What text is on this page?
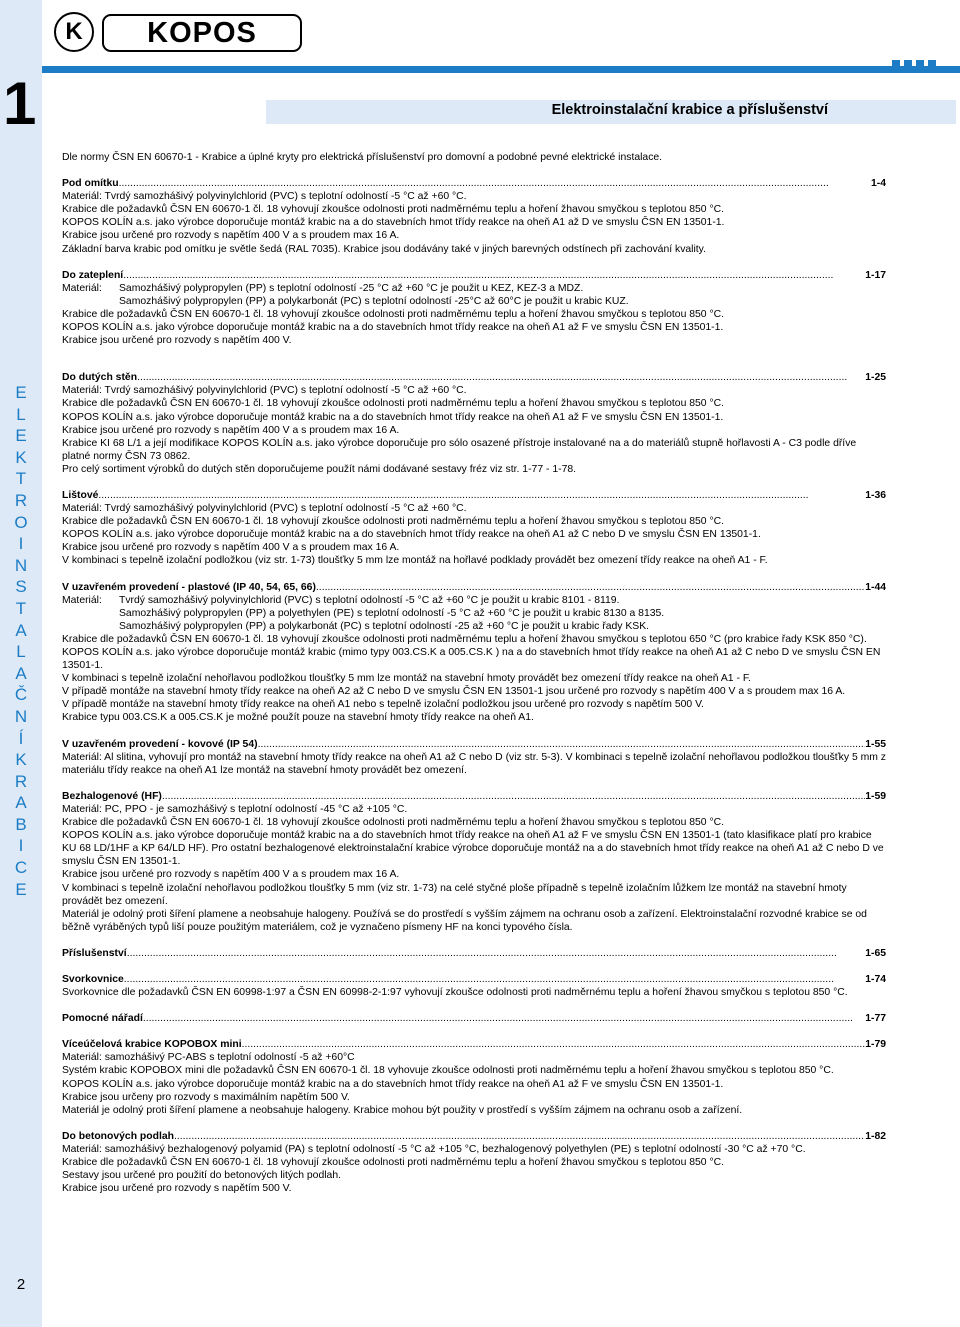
1
E
L
E
K
T
R
O
I
N
S
T
A
L
A
Č
N
Í
K
R
A
B
I
C
E
2
K	KOPOS
Elektroinstalační krabice a příslušenství

Dle normy ČSN EN 60670-1 - Krabice a úplné kryty pro elektrická příslušenství pro domovní a podobné pevné elektrické instalace.

Pod omítku .....	1-4

Materiál: Tvrdý samozhášivý polyvinylchlorid (PVC) s teplotní odolností -5 °C až +60 °C.

Krabice dle požadavků ČSN EN 60670-1 čl. 18 vyhovují zkoušce odolnosti proti nadměrnému teplu a hoření žhavou smyčkou s teplotou 850 °C.

KOPOS KOLÍN a.s. jako výrobce doporučuje montáž krabic na a do stavebních hmot třídy reakce na oheň A1 až D ve smyslu ČSN EN 13501-1.

Krabice jsou určené pro rozvody s napětím 400 V a s proudem max 16 A.

Základní barva krabic pod omítku je světle šedá (RAL 7035). Krabice jsou dodávány také v jiných barevných odstínech při zachování kvality.

Do zateplení .....	1-17
Materiál:	Samozhášivý polypropylen (PP) s teplotní odolností -25 °C až +60 °C je použit u KEZ, KEZ-3 a MDZ.

Samozhášivý polypropylen (PP) a polykarbonát (PC) s teplotní odolností -25°C až 60°C je použit u krabic KUZ.

Krabice dle požadavků ČSN EN 60670-1 čl. 18 vyhovují zkoušce odolnosti proti nadměrnému teplu a hoření žhavou smyčkou s teplotou 850 °C.

KOPOS KOLÍN a.s. jako výrobce doporučuje montáž krabic na a do stavebních hmot třídy reakce na oheň A1 až F ve smyslu ČSN EN 13501-1.

Krabice jsou určené pro rozvody s napětím 400 V.

Do dutých stěn .....	1-25

Materiál: Tvrdý samozhášivý polyvinylchlorid (PVC) s teplotní odolností -5 °C až +60 °C.

Krabice dle požadavků ČSN EN 60670-1 čl. 18 vyhovují zkoušce odolnosti proti nadměrnému teplu a hoření žhavou smyčkou s teplotou 850 °C.

KOPOS KOLÍN a.s. jako výrobce doporučuje montáž krabic na a do stavebních hmot třídy reakce na oheň A1 až F ve smyslu ČSN EN 13501-1.

Krabice jsou určené pro rozvody s napětím 400 V a s proudem max 16 A.

Krabice KI 68 L/1 a její modifikace KOPOS KOLÍN a.s. jako výrobce doporučuje pro sólo osazené přístroje instalované na a do materiálů stupně hořlavosti A - C3 podle dříve platné normy ČSN 73 0862.

Pro celý sortiment výrobků do dutých stěn doporučujeme použít námi dodávané sestavy fréz viz str. 1-77 - 1-78.

Lištové .....	1-36

Materiál: Tvrdý samozhášivý polyvinylchlorid (PVC) s teplotní odolností -5 °C až +60 °C.

Krabice dle požadavků ČSN EN 60670-1 čl. 18 vyhovují zkoušce odolnosti proti nadměrnému teplu a hoření žhavou smyčkou s teplotou 850 °C.

KOPOS KOLÍN a.s. jako výrobce doporučuje montáž krabic na a do stavebních hmot třídy reakce na oheň A1 až C nebo D ve smyslu ČSN EN 13501-1.

Krabice jsou určené pro rozvody s napětím 400 V a s proudem max 16 A.

V kombinaci s tepelně izolační podložkou (viz str. 1-73) tloušťky 5 mm lze montáž na hořlavé podklady provádět bez omezení třídy reakce na oheň A1 - F.

V uzavřeném provedení - plastové (IP 40, 54, 65, 66) .....	1-44
Materiál:	Tvrdý samozhášivý polyvinylchlorid (PVC) s teplotní odolností -5 °C až +60 °C je použit u krabic 8101 - 8119.

Samozhášivý polypropylen (PP) a polyethylen (PE) s teplotní odolností -5 °C až +60 °C je použit u krabic 8130 a 8135.

Samozhášivý polypropylen (PP) a polykarbonát (PC) s teplotní odolností -25 až +60 °C je použit u krabic řady KSK.

Krabice dle požadavků ČSN EN 60670-1 čl. 18 vyhovují zkoušce odolnosti proti nadměrnému teplu a hoření žhavou smyčkou s teplotou 650 °C (pro krabice řady KSK 850 °C).

KOPOS KOLÍN a.s. jako výrobce doporučuje montáž krabic (mimo typy 003.CS.K a 005.CS.K ) na a do stavebních hmot třídy reakce na oheň A1 až C nebo D ve smyslu ČSN EN 13501-1.

V kombinaci s tepelně izolační nehořlavou podložkou tloušťky 5 mm lze montáž na stavební hmoty provádět bez omezení třídy reakce na oheň A1 - F.

V případě montáže na stavební hmoty třídy reakce na oheň A2 až C nebo D ve smyslu ČSN EN 13501-1 jsou určené pro rozvody s napětím 400 V a s proudem max 16 A.

V případě montáže na stavební hmoty třídy reakce na oheň A1 nebo s tepelně izolační podložkou jsou určené pro rozvody s napětím 500 V.

Krabice typu 003.CS.K a 005.CS.K je možné použít pouze na stavební hmoty třídy reakce na oheň A1.

V uzavřeném provedení - kovové (IP 54) .....	1-55

Materiál: Al slitina, vyhovují pro montáž na stavební hmoty třídy reakce na oheň A1 až C nebo D (viz str. 5-3). V kombinaci s tepelně izolační nehořlavou podložkou tloušťky 5 mm z materiálu třídy reakce na oheň A1 lze montáž na stavební hmoty provádět bez omezení.

Bezhalogenové (HF) .....	1-59

Materiál: PC, PPO - je samozhášivý s teplotní odolností -45 °C až +105 °C.

Krabice dle požadavků ČSN EN 60670-1 čl. 18 vyhovují zkoušce odolnosti proti nadměrnému teplu a hoření žhavou smyčkou s teplotou 850 °C.

KOPOS KOLÍN a.s. jako výrobce doporučuje montáž krabic na a do stavebních hmot třídy reakce na oheň A1 až F ve smyslu ČSN EN 13501-1 (tato klasifikace platí pro krabice KU 68 LD/1HF a KP 64/LD HF). Pro ostatní bezhalogenové elektroinstalační krabice výrobce doporučuje montáž na a do stavebních hmot třídy reakce na oheň A1 až C nebo D ve smyslu ČSN EN 13501-1.

Krabice jsou určené pro rozvody s napětím 400 V a s proudem max 16 A.

V kombinaci s tepelně izolační nehořlavou podložkou tloušťky 5 mm (viz str. 1-73) na celé styčné ploše případně s tepelně izolačním lůžkem lze montáž na stavební hmoty provádět bez omezení.

Materiál je odolný proti šíření plamene a neobsahuje halogeny. Používá se do prostředí s vyšším zájmem na ochranu osob a zařízení. Elektroinstalační rozvodné krabice se od běžně vyráběných typů liší pouze použitým materiálem, což je vyznačeno písmeny HF na konci typového čísla.

Příslušenství .....	1-65
Svorkovnice .....	1-74

Svorkovnice dle požadavků ČSN EN 60998-1:97 a ČSN EN 60998-2-1:97 vyhovují zkoušce odolnosti proti nadměrnému teplu a hoření žhavou smyčkou s teplotou 850 °C.

Pomocné nářadí .....	1-77
Víceúčelová krabice KOPOBOX mini .....	1-79

Materiál: samozhášivý PC-ABS s teplotní odolností -5 až +60°C

Systém krabic KOPOBOX mini dle požadavků ČSN EN 60670-1 čl. 18 vyhovuje zkoušce odolnosti proti nadměrnému teplu a hoření žhavou smyčkou s teplotou 850 °C.

KOPOS KOLÍN a.s. jako výrobce doporučuje montáž krabic na a do stavebních hmot třídy reakce na oheň A1 až F ve smyslu ČSN EN 13501-1.

Krabice jsou určeny pro rozvody s maximálním napětím 500 V.

Materiál je odolný proti šíření plamene a neobsahuje halogeny. Krabice mohou být použity v prostředí s vyšším zájmem na ochranu osob a zařízení.

Do betonových podlah .....	1-82

Materiál: samozhášivý bezhalogenový polyamid (PA) s teplotní odolností -5 °C až +105 °C, bezhalogenový polyethylen (PE) s teplotní odolností -30 °C až +70 °C.

Krabice dle požadavků ČSN EN 60670-1 čl. 18 vyhovují zkoušce odolnosti proti nadměrnému teplu a hoření žhavou smyčkou s teplotou 850 °C.

Sestavy jsou určené pro použití do betonových litých podlah.

Krabice jsou určené pro rozvody s napětím 500 V.
